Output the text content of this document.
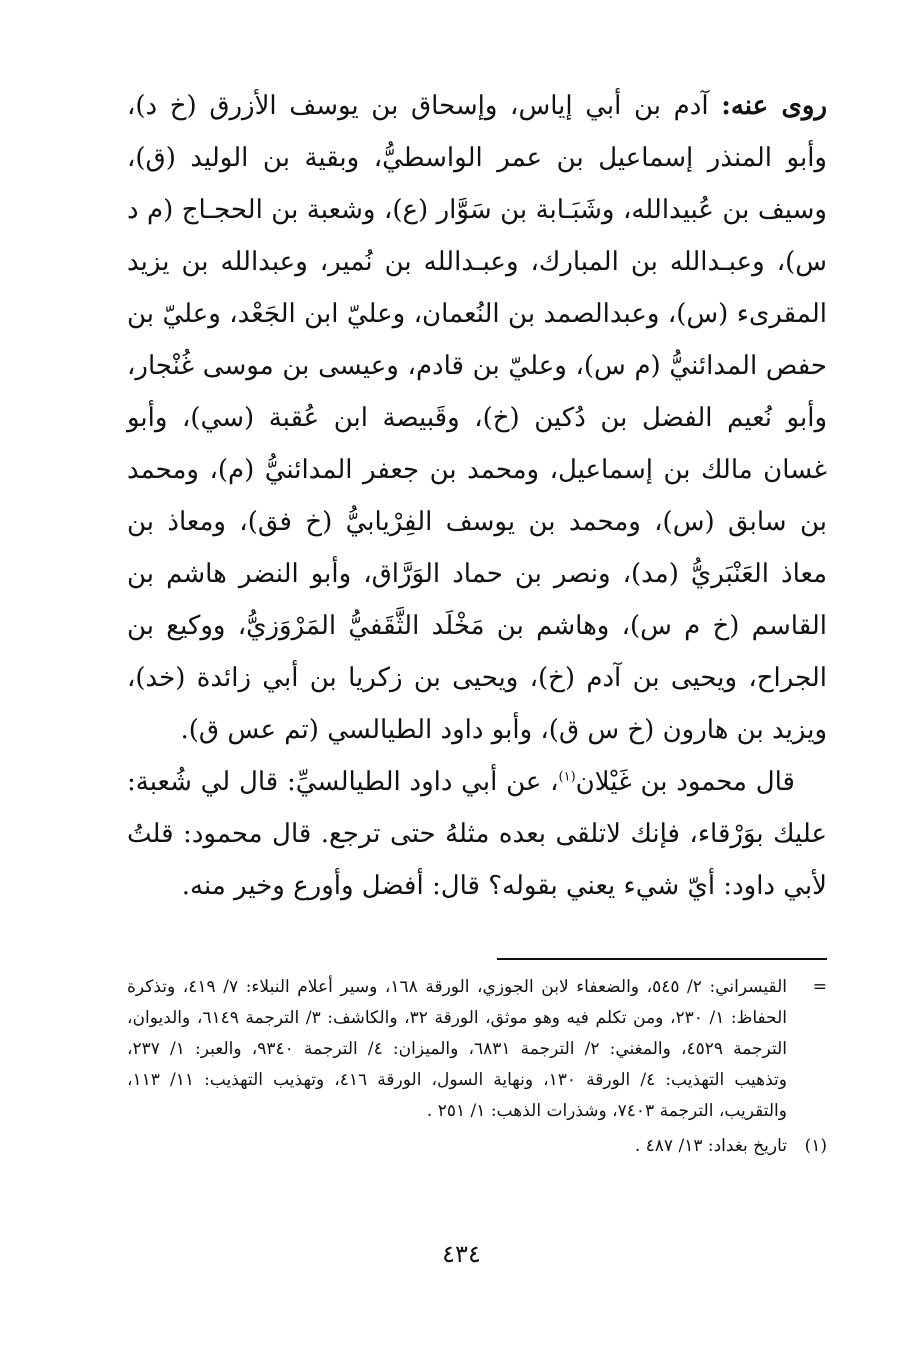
روى عنه: آدم بن أبي إياس، وإسحاق بن يوسف الأزرق (خ د)، وأبو المنذر إسماعيل بن عمر الواسطيُّ، وبقية بن الوليد (ق)، وسيف بن عُبيدالله، وشَبَـابة بن سَوَّار (ع)، وشعبة بن الحجـاج (م د س)، وعبـدالله بن المبارك، وعبـدالله بن نُمير، وعبدالله بن يزيد المقرىء (س)، وعبدالصمد بن النُعمان، وعليّ ابن الجَعْد، وعليّ بن حفص المدائنيُّ (م س)، وعليّ بن قادم، وعيسى بن موسى غُنْجار، وأبو نُعيم الفضل بن دُكين (خ)، وقَبيصة ابن عُقبة (سي)، وأبو غسان مالك بن إسماعيل، ومحمد بن جعفر المدائنيُّ (م)، ومحمد بن سابق (س)، ومحمد بن يوسف الفِرْيابيُّ (خ فق)، ومعاذ بن معاذ العَنْبَريُّ (مد)، ونصر بن حماد الوَرَّاق، وأبو النضر هاشم بن القاسم (خ م س)، وهاشم بن مَخْلَد الثَّقَفيُّ المَرْوَزيُّ، ووكيع بن الجراح، ويحيى بن آدم (خ)، ويحيى بن زكريا بن أبي زائدة (خد)، ويزيد بن هارون (خ س ق)، وأبو داود الطيالسي (تم عس ق).

قال محمود بن غَيْلان$^{(١)}$، عن أبي داود الطيالسيِّ: قال لي شُعبة: عليك بوَرْقاء، فإنك لاتلقى بعده مثلهُ حتى ترجع. قال محمود: قلتُ لأبي داود: أيّ شيء يعني بقوله؟ قال: أفضل وأورع وخير منه.

=
القيسراني: ٢/ ٥٤٥، والضعفاء لابن الجوزي، الورقة ١٦٨، وسير أعلام النبلاء: ٧/ ٤١٩، وتذكرة الحفاظ: ١/ ٢٣٠، ومن تكلم فيه وهو موثق، الورقة ٣٢، والكاشف: ٣/ الترجمة ٦١٤٩، والديوان، الترجمة ٤٥٢٩، والمغني: ٢/ الترجمة ٦٨٣١، والميزان: ٤/ الترجمة ٩٣٤٠، والعبر: ١/ ٢٣٧، وتذهيب التهذيب: ٤/ الورقة ١٣٠، ونهاية السول، الورقة ٤١٦، وتهذيب التهذيب: ١١/ ١١٣، والتقريب، الترجمة ٧٤٠٣، وشذرات الذهب: ١/ ٢٥١ .
(١)
تاريخ بغداد: ١٣/ ٤٨٧ .
٤٣٤
